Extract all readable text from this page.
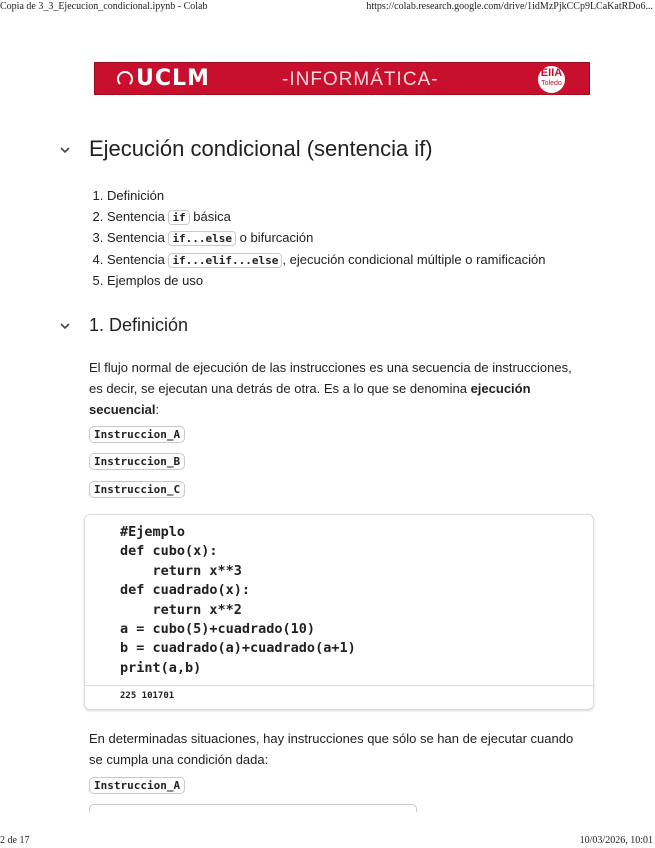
Copia de 3_3_Ejecucion_condicional.ipynb - Colab	https://colab.research.google.com/drive/1idMzPjkCCp9LCaKatRDo6...
UCLM	-INFORMÁTICA-	EIIA
Toledo
Ejecución condicional (sentencia if)
1. Definición
2. Sentencia if básica
3. Sentencia if...else o bifurcación
4. Sentencia if...elif...else , ejecución condicional múltiple o ramificación
5. Ejemplos de uso
1. Definición
El flujo normal de ejecución de las instrucciones es una secuencia de instrucciones, es decir, se ejecutan una detrás de otra. Es a lo que se denomina ejecución secuencial:
Instruccion_A
Instruccion_B
Instruccion_C
#Ejemplo
def cubo(x):
return x**3
def cuadrado(x):
return x**2
a = cubo(5)+cuadrado(10)
b = cuadrado(a)+cuadrado(a+1)
print(a,b)
225 101701
En determinadas situaciones, hay instrucciones que sólo se han de ejecutar cuando se cumpla una condición dada:
Instruccion_A
2 de 17	10/03/2026, 10:01
